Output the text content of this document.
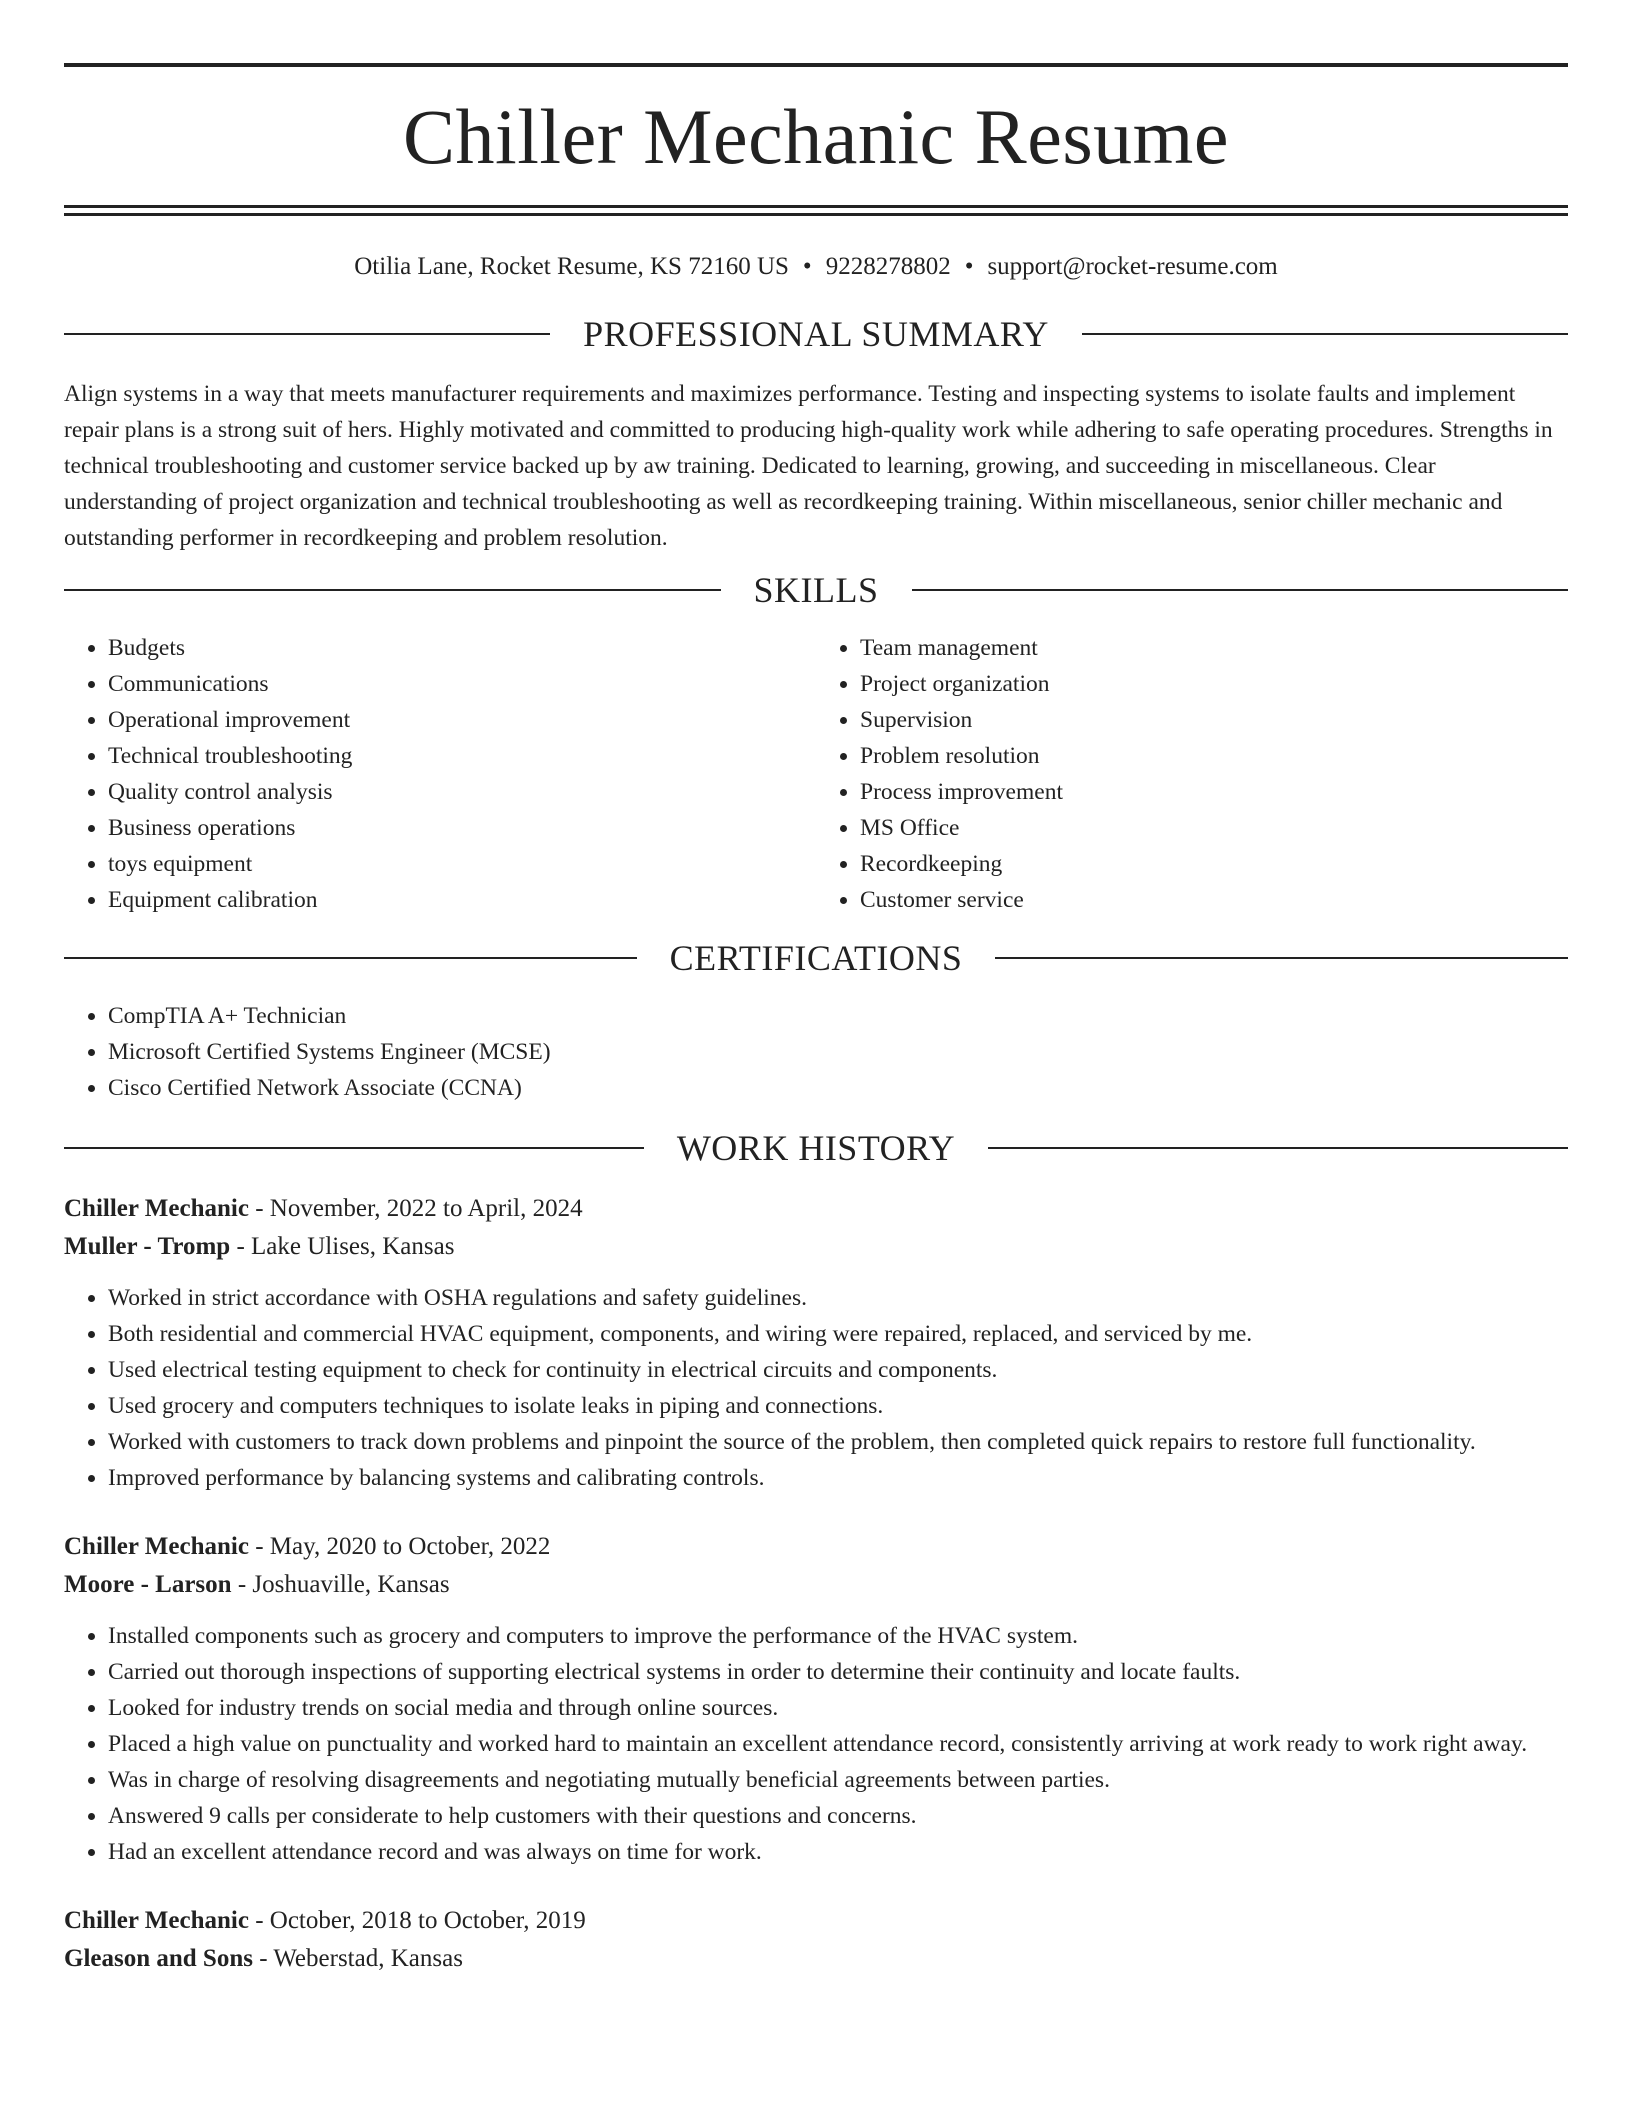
Chiller Mechanic Resume
Otilia Lane, Rocket Resume, KS 72160 US • 9228278802 • support@rocket-resume.com
PROFESSIONAL SUMMARY

Align systems in a way that meets manufacturer requirements and maximizes performance. Testing and inspecting systems to isolate faults and implement repair plans is a strong suit of hers. Highly motivated and committed to producing high-quality work while adhering to safe operating procedures. Strengths in technical troubleshooting and customer service backed up by aw training. Dedicated to learning, growing, and succeeding in miscellaneous. Clear understanding of project organization and technical troubleshooting as well as recordkeeping training. Within miscellaneous, senior chiller mechanic and outstanding performer in recordkeeping and problem resolution.

SKILLS
• Budgets
• Communications
• Operational improvement
• Technical troubleshooting
• Quality control analysis
• Business operations
• toys equipment
• Equipment calibration
• Team management
• Project organization
• Supervision
• Problem resolution
• Process improvement
• MS Office
• Recordkeeping
• Customer service
CERTIFICATIONS
• CompTIA A+ Technician
• Microsoft Certified Systems Engineer (MCSE)
• Cisco Certified Network Associate (CCNA)
WORK HISTORY
Chiller Mechanic - November, 2022 to April, 2024
Muller - Tromp - Lake Ulises, Kansas
• Worked in strict accordance with OSHA regulations and safety guidelines.
• Both residential and commercial HVAC equipment, components, and wiring were repaired, replaced, and serviced by me.
• Used electrical testing equipment to check for continuity in electrical circuits and components.
• Used grocery and computers techniques to isolate leaks in piping and connections.
• Worked with customers to track down problems and pinpoint the source of the problem, then completed quick repairs to restore full functionality.
• Improved performance by balancing systems and calibrating controls.
Chiller Mechanic - May, 2020 to October, 2022
Moore - Larson - Joshuaville, Kansas
• Installed components such as grocery and computers to improve the performance of the HVAC system.
• Carried out thorough inspections of supporting electrical systems in order to determine their continuity and locate faults.
• Looked for industry trends on social media and through online sources.
• Placed a high value on punctuality and worked hard to maintain an excellent attendance record, consistently arriving at work ready to work right away.
• Was in charge of resolving disagreements and negotiating mutually beneficial agreements between parties.
• Answered 9 calls per considerate to help customers with their questions and concerns.
• Had an excellent attendance record and was always on time for work.
Chiller Mechanic - October, 2018 to October, 2019
Gleason and Sons - Weberstad, Kansas
